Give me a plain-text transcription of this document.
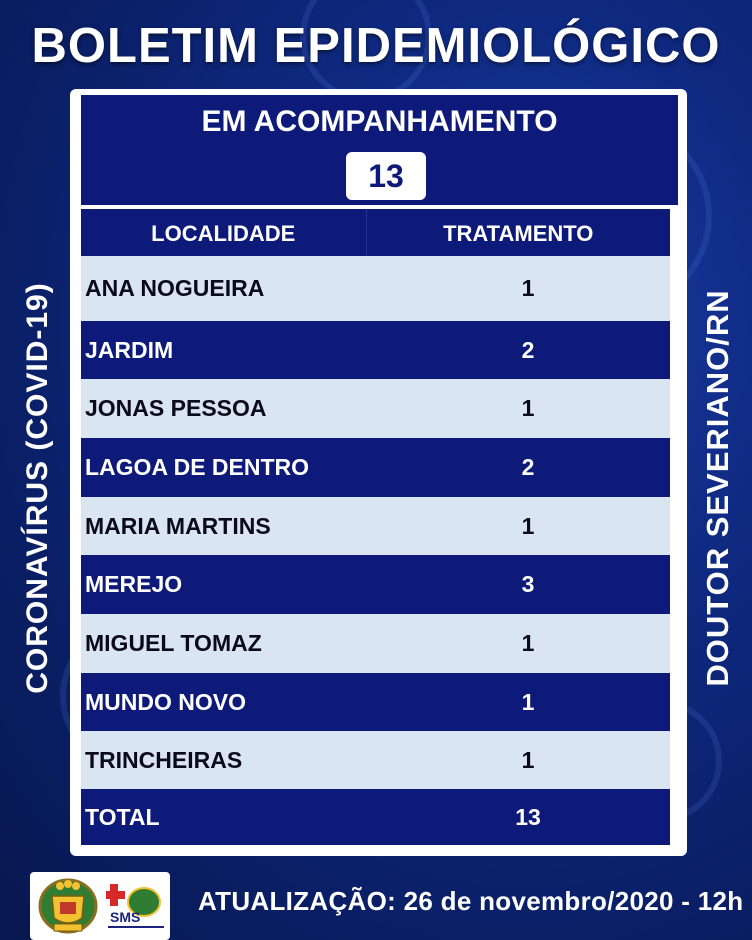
BOLETIM EPIDEMIOLÓGICO
CORONAVÍRUS (COVID-19)	DOUTOR SEVERIANO/RN
EM ACOMPANHAMENTO
13
LOCALIDADE	TRATAMENTO
ANA NOGUEIRA	1
JARDIM	2
JONAS PESSOA	1
LAGOA DE DENTRO	2
MARIA MARTINS	1
MEREJO	3
MIGUEL TOMAZ	1
MUNDO NOVO	1
TRINCHEIRAS	1
TOTAL	13
SMS
ATUALIZAÇÃO: 26 de novembro/2020 - 12h
